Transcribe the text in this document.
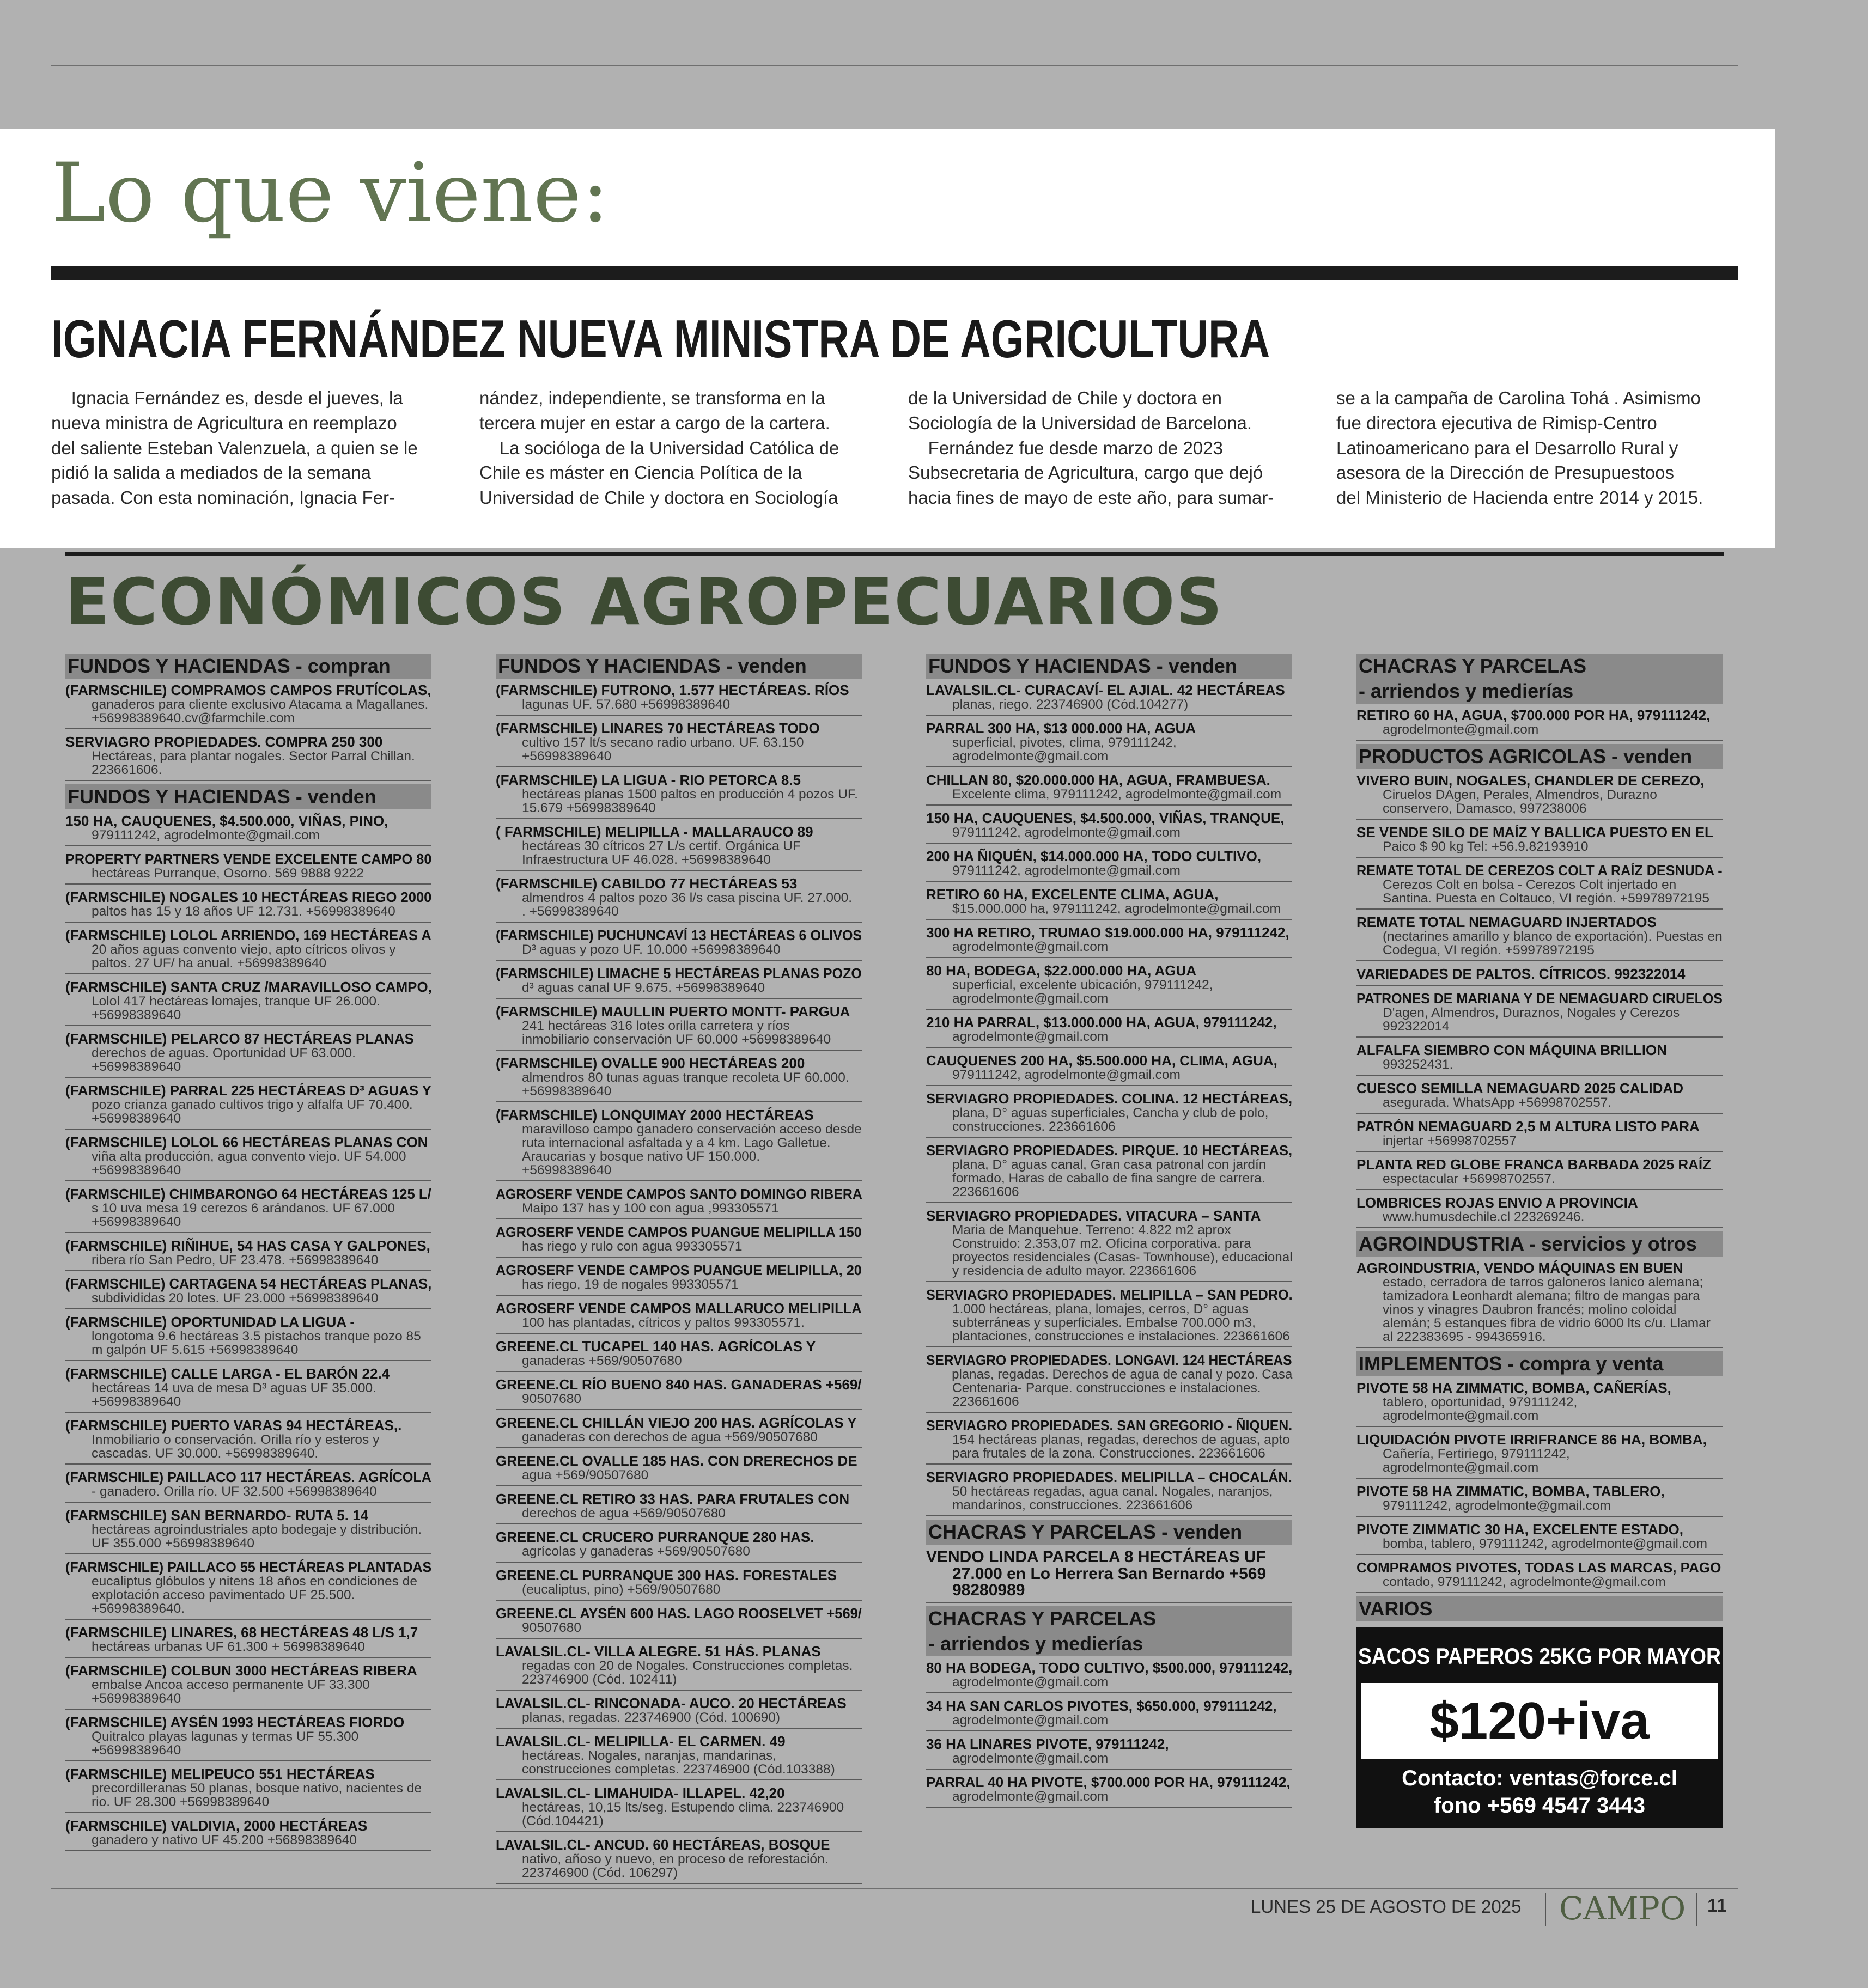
Lo que viene:
IGNACIA FERNÁNDEZ NUEVA MINISTRA DE AGRICULTURA

Ignacia Fernández es, desde el jueves, la

nueva ministra de Agricultura en reemplazo

del saliente Esteban Valenzuela, a quien se le

pidió la salida a mediados de la semana

pasada. Con esta nominación, Ignacia Fer-

nández, independiente, se transforma en la

tercera mujer en estar a cargo de la cartera.

La socióloga de la Universidad Católica de

Chile es máster en Ciencia Política de la

Universidad de Chile y doctora en Sociología

de la Universidad de Chile y doctora en

Sociología de la Universidad de Barcelona.

Fernández fue desde marzo de 2023

Subsecretaria de Agricultura, cargo que dejó

hacia fines de mayo de este año, para sumar-

se a la campaña de Carolina Tohá . Asimismo

fue directora ejecutiva de Rimisp-Centro

Latinoamericano para el Desarrollo Rural y

asesora de la Dirección de Presupuestoos

del Ministerio de Hacienda entre 2014 y 2015.

ECONÓMICOS AGROPECUARIOS
FUNDOS Y HACIENDAS - compran
(FARMSCHILE) COMPRAMOS CAMPOS FRUTÍCOLAS,
ganaderos para cliente exclusivo Atacama a Magallanes.
+56998389640.cv@farmchile.com
SERVIAGRO PROPIEDADES. COMPRA 250 300
Hectáreas, para plantar nogales. Sector Parral Chillan.
223661606.
FUNDOS Y HACIENDAS - venden
150 HA, CAUQUENES, $4.500.000, VIÑAS, PINO,
979111242, agrodelmonte@gmail.com
PROPERTY PARTNERS VENDE EXCELENTE CAMPO 80
hectáreas Purranque, Osorno. 569 9888 9222
(FARMSCHILE) NOGALES 10 HECTÁREAS RIEGO 2000
paltos has 15 y 18 años UF 12.731. +56998389640
(FARMSCHILE) LOLOL ARRIENDO, 169 HECTÁREAS A
20 años aguas convento viejo, apto cítricos olivos y
paltos. 27 UF/ ha anual. +56998389640
(FARMSCHILE) SANTA CRUZ /MARAVILLOSO CAMPO,
Lolol 417 hectáreas lomajes, tranque UF 26.000.
+56998389640
(FARMSCHILE) PELARCO 87 HECTÁREAS PLANAS
derechos de aguas. Oportunidad UF 63.000.
+56998389640
(FARMSCHILE) PARRAL 225 HECTÁREAS D³ AGUAS Y
pozo crianza ganado cultivos trigo y alfalfa UF 70.400.
+56998389640
(FARMSCHILE) LOLOL 66 HECTÁREAS PLANAS CON
viña alta producción, agua convento viejo. UF 54.000
+56998389640
(FARMSCHILE) CHIMBARONGO 64 HECTÁREAS 125 L/
s 10 uva mesa 19 cerezos 6 arándanos. UF 67.000
+56998389640
(FARMSCHILE) RIÑIHUE, 54 HAS CASA Y GALPONES,
ribera río San Pedro, UF 23.478. +56998389640
(FARMSCHILE) CARTAGENA 54 HECTÁREAS PLANAS,
subdivididas 20 lotes. UF 23.000 +56998389640
(FARMSCHILE) OPORTUNIDAD LA LIGUA -
longotoma 9.6 hectáreas 3.5 pistachos tranque pozo 85
m galpón UF 5.615 +56998389640
(FARMSCHILE) CALLE LARGA - EL BARÓN 22.4
hectáreas 14 uva de mesa D³ aguas UF 35.000.
+56998389640
(FARMSCHILE) PUERTO VARAS 94 HECTÁREAS,.
Inmobiliario o conservación. Orilla río y esteros y
cascadas. UF 30.000. +56998389640.
(FARMSCHILE) PAILLACO 117 HECTÁREAS. AGRÍCOLA
- ganadero. Orilla río. UF 32.500 +56998389640
(FARMSCHILE) SAN BERNARDO- RUTA 5. 14
hectáreas agroindustriales apto bodegaje y distribución.
UF 355.000 +56998389640
(FARMSCHILE) PAILLACO 55 HECTÁREAS PLANTADAS
eucaliptus glóbulos y nitens 18 años en condiciones de
explotación acceso pavimentado UF 25.500.
+56998389640.
(FARMSCHILE) LINARES, 68 HECTÁREAS 48 L/S 1,7
hectáreas urbanas UF 61.300 + 56998389640
(FARMSCHILE) COLBUN 3000 HECTÁREAS RIBERA
embalse Ancoa acceso permanente UF 33.300
+56998389640
(FARMSCHILE) AYSÉN 1993 HECTÁREAS FIORDO
Quitralco playas lagunas y termas UF 55.300
+56998389640
(FARMSCHILE) MELIPEUCO 551 HECTÁREAS
precordilleranas 50 planas, bosque nativo, nacientes de
rio. UF 28.300 +56998389640
(FARMSCHILE) VALDIVIA, 2000 HECTÁREAS
ganadero y nativo UF 45.200 +56898389640
FUNDOS Y HACIENDAS - venden
(FARMSCHILE) FUTRONO, 1.577 HECTÁREAS. RÍOS
lagunas UF. 57.680 +56998389640
(FARMSCHILE) LINARES 70 HECTÁREAS TODO
cultivo 157 lt/s secano radio urbano. UF. 63.150
+56998389640
(FARMSCHILE) LA LIGUA - RIO PETORCA 8.5
hectáreas planas 1500 paltos en producción 4 pozos UF.
15.679 +56998389640
( FARMSCHILE) MELIPILLA - MALLARAUCO 89
hectáreas 30 cítricos 27 L/s certif. Orgánica UF
Infraestructura UF 46.028. +56998389640
(FARMSCHILE) CABILDO 77 HECTÁREAS 53
almendros 4 paltos pozo 36 l/s casa piscina UF. 27.000.
. +56998389640
(FARMSCHILE) PUCHUNCAVÍ 13 HECTÁREAS 6 OLIVOS
D³ aguas y pozo UF. 10.000 +56998389640
(FARMSCHILE) LIMACHE 5 HECTÁREAS PLANAS POZO
d³ aguas canal UF 9.675. +56998389640
(FARMSCHILE) MAULLIN PUERTO MONTT- PARGUA
241 hectáreas 316 lotes orilla carretera y ríos
inmobiliario conservación UF 60.000 +56998389640
(FARMSCHILE) OVALLE 900 HECTÁREAS 200
almendros 80 tunas aguas tranque recoleta UF 60.000.
+56998389640
(FARMSCHILE) LONQUIMAY 2000 HECTÁREAS
maravilloso campo ganadero conservación acceso desde
ruta internacional asfaltada y a 4 km. Lago Galletue.
Araucarias y bosque nativo UF 150.000.
+56998389640
AGROSERF VENDE CAMPOS SANTO DOMINGO RIBERA
Maipo 137 has y 100 con agua ,993305571
AGROSERF VENDE CAMPOS PUANGUE MELIPILLA 150
has riego y rulo con agua 993305571
AGROSERF VENDE CAMPOS PUANGUE MELIPILLA, 20
has riego, 19 de nogales 993305571
AGROSERF VENDE CAMPOS MALLARUCO MELIPILLA
100 has plantadas, cítricos y paltos 993305571.
GREENE.CL TUCAPEL 140 HAS. AGRÍCOLAS Y
ganaderas +569/90507680
GREENE.CL RÍO BUENO 840 HAS. GANADERAS +569/
90507680
GREENE.CL CHILLÁN VIEJO 200 HAS. AGRÍCOLAS Y
ganaderas con derechos de agua +569/90507680
GREENE.CL OVALLE 185 HAS. CON DRERECHOS DE
agua +569/90507680
GREENE.CL RETIRO 33 HAS. PARA FRUTALES CON
derechos de agua +569/90507680
GREENE.CL CRUCERO PURRANQUE 280 HAS.
agrícolas y ganaderas +569/90507680
GREENE.CL PURRANQUE 300 HAS. FORESTALES
(eucaliptus, pino) +569/90507680
GREENE.CL AYSÉN 600 HAS. LAGO ROOSELVET +569/
90507680
LAVALSIL.CL- VILLA ALEGRE. 51 HÁS. PLANAS
regadas con 20 de Nogales. Construcciones completas.
223746900 (Cód. 102411)
LAVALSIL.CL- RINCONADA- AUCO. 20 HECTÁREAS
planas, regadas. 223746900 (Cód. 100690)
LAVALSIL.CL- MELIPILLA- EL CARMEN. 49
hectáreas. Nogales, naranjas, mandarinas,
construcciones completas. 223746900 (Cód.103388)
LAVALSIL.CL- LIMAHUIDA- ILLAPEL. 42,20
hectáreas, 10,15 lts/seg. Estupendo clima. 223746900
(Cód.104421)
LAVALSIL.CL- ANCUD. 60 HECTÁREAS, BOSQUE
nativo, añoso y nuevo, en proceso de reforestación.
223746900 (Cód. 106297)
FUNDOS Y HACIENDAS - venden
LAVALSIL.CL- CURACAVÍ- EL AJIAL. 42 HECTÁREAS
planas, riego. 223746900 (Cód.104277)
PARRAL 300 HA, $13 000.000 HA, AGUA
superficial, pivotes, clima, 979111242,
agrodelmonte@gmail.com
CHILLAN 80, $20.000.000 HA, AGUA, FRAMBUESA.
Excelente clima, 979111242, agrodelmonte@gmail.com
150 HA, CAUQUENES, $4.500.000, VIÑAS, TRANQUE,
979111242, agrodelmonte@gmail.com
200 HA ÑIQUÉN, $14.000.000 HA, TODO CULTIVO,
979111242, agrodelmonte@gmail.com
RETIRO 60 HA, EXCELENTE CLIMA, AGUA,
$15.000.000 ha, 979111242, agrodelmonte@gmail.com
300 HA RETIRO, TRUMAO $19.000.000 HA, 979111242,
agrodelmonte@gmail.com
80 HA, BODEGA, $22.000.000 HA, AGUA
superficial, excelente ubicación, 979111242,
agrodelmonte@gmail.com
210 HA PARRAL, $13.000.000 HA, AGUA, 979111242,
agrodelmonte@gmail.com
CAUQUENES 200 HA, $5.500.000 HA, CLIMA, AGUA,
979111242, agrodelmonte@gmail.com
SERVIAGRO PROPIEDADES. COLINA. 12 HECTÁREAS,
plana, D° aguas superficiales, Cancha y club de polo,
construcciones. 223661606
SERVIAGRO PROPIEDADES. PIRQUE. 10 HECTÁREAS,
plana, D° aguas canal, Gran casa patronal con jardín
formado, Haras de caballo de fina sangre de carrera.
223661606
SERVIAGRO PROPIEDADES. VITACURA – SANTA
Maria de Manquehue. Terreno: 4.822 m2 aprox
Construido: 2.353,07 m2. Oficina corporativa. para
proyectos residenciales (Casas- Townhouse), educacional
y residencia de adulto mayor. 223661606
SERVIAGRO PROPIEDADES. MELIPILLA – SAN PEDRO.
1.000 hectáreas, plana, lomajes, cerros, D° aguas
subterráneas y superficiales. Embalse 700.000 m3,
plantaciones, construcciones e instalaciones. 223661606
SERVIAGRO PROPIEDADES. LONGAVI. 124 HECTÁREAS
planas, regadas. Derechos de agua de canal y pozo. Casa
Centenaria- Parque. construcciones e instalaciones.
223661606
SERVIAGRO PROPIEDADES. SAN GREGORIO - ÑIQUEN.
154 hectáreas planas, regadas, derechos de aguas, apto
para frutales de la zona. Construcciones. 223661606
SERVIAGRO PROPIEDADES. MELIPILLA – CHOCALÁN.
50 hectáreas regadas, agua canal. Nogales, naranjos,
mandarinos, construcciones. 223661606
CHACRAS Y PARCELAS - venden
VENDO LINDA PARCELA 8 HECTÁREAS UF
27.000 en Lo Herrera San Bernardo +569
98280989
CHACRAS Y PARCELAS
- arriendos y medierías
80 HA BODEGA, TODO CULTIVO, $500.000, 979111242,
agrodelmonte@gmail.com
34 HA SAN CARLOS PIVOTES, $650.000, 979111242,
agrodelmonte@gmail.com
36 HA LINARES PIVOTE, 979111242,
agrodelmonte@gmail.com
PARRAL 40 HA PIVOTE, $700.000 POR HA, 979111242,
agrodelmonte@gmail.com
CHACRAS Y PARCELAS
- arriendos y medierías
RETIRO 60 HA, AGUA, $700.000 POR HA, 979111242,
agrodelmonte@gmail.com
PRODUCTOS AGRICOLAS - venden
VIVERO BUIN, NOGALES, CHANDLER DE CEREZO,
Ciruelos DAgen, Perales, Almendros, Durazno
conservero, Damasco, 997238006
SE VENDE SILO DE MAÍZ Y BALLICA PUESTO EN EL
Paico $ 90 kg Tel: +56.9.82193910
REMATE TOTAL DE CEREZOS COLT A RAÍZ DESNUDA -
Cerezos Colt en bolsa - Cerezos Colt injertado en
Santina. Puesta en Coltauco, VI región. +59978972195
REMATE TOTAL NEMAGUARD INJERTADOS
(nectarines amarillo y blanco de exportación). Puestas en
Codegua, VI región. +59978972195
VARIEDADES DE PALTOS. CÍTRICOS. 992322014
PATRONES DE MARIANA Y DE NEMAGUARD CIRUELOS
D'agen, Almendros, Duraznos, Nogales y Cerezos
992322014
ALFALFA SIEMBRO CON MÁQUINA BRILLION
993252431.
CUESCO SEMILLA NEMAGUARD 2025 CALIDAD
asegurada. WhatsApp +56998702557.
PATRÓN NEMAGUARD 2,5 M ALTURA LISTO PARA
injertar +56998702557
PLANTA RED GLOBE FRANCA BARBADA 2025 RAÍZ
espectacular +56998702557.
LOMBRICES ROJAS ENVIO A PROVINCIA
www.humusdechile.cl 223269246.
AGROINDUSTRIA - servicios y otros
AGROINDUSTRIA, VENDO MÁQUINAS EN BUEN
estado, cerradora de tarros galoneros lanico alemana;
tamizadora Leonhardt alemana; filtro de mangas para
vinos y vinagres Daubron francés; molino coloidal
alemán; 5 estanques fibra de vidrio 6000 lts c/u. Llamar
al 222383695 - 994365916.
IMPLEMENTOS - compra y venta
PIVOTE 58 HA ZIMMATIC, BOMBA, CAÑERÍAS,
tablero, oportunidad, 979111242,
agrodelmonte@gmail.com
LIQUIDACIÓN PIVOTE IRRIFRANCE 86 HA, BOMBA,
Cañería, Fertiriego, 979111242,
agrodelmonte@gmail.com
PIVOTE 58 HA ZIMMATIC, BOMBA, TABLERO,
979111242, agrodelmonte@gmail.com
PIVOTE ZIMMATIC 30 HA, EXCELENTE ESTADO,
bomba, tablero, 979111242, agrodelmonte@gmail.com
COMPRAMOS PIVOTES, TODAS LAS MARCAS, PAGO
contado, 979111242, agrodelmonte@gmail.com
VARIOS
SACOS PAPEROS 25KG POR MAYOR
$120+iva
Contacto: ventas@force.cl
fono +569 4547 3443
LUNES 25 DE AGOSTO DE 2025 CAMPO 11
